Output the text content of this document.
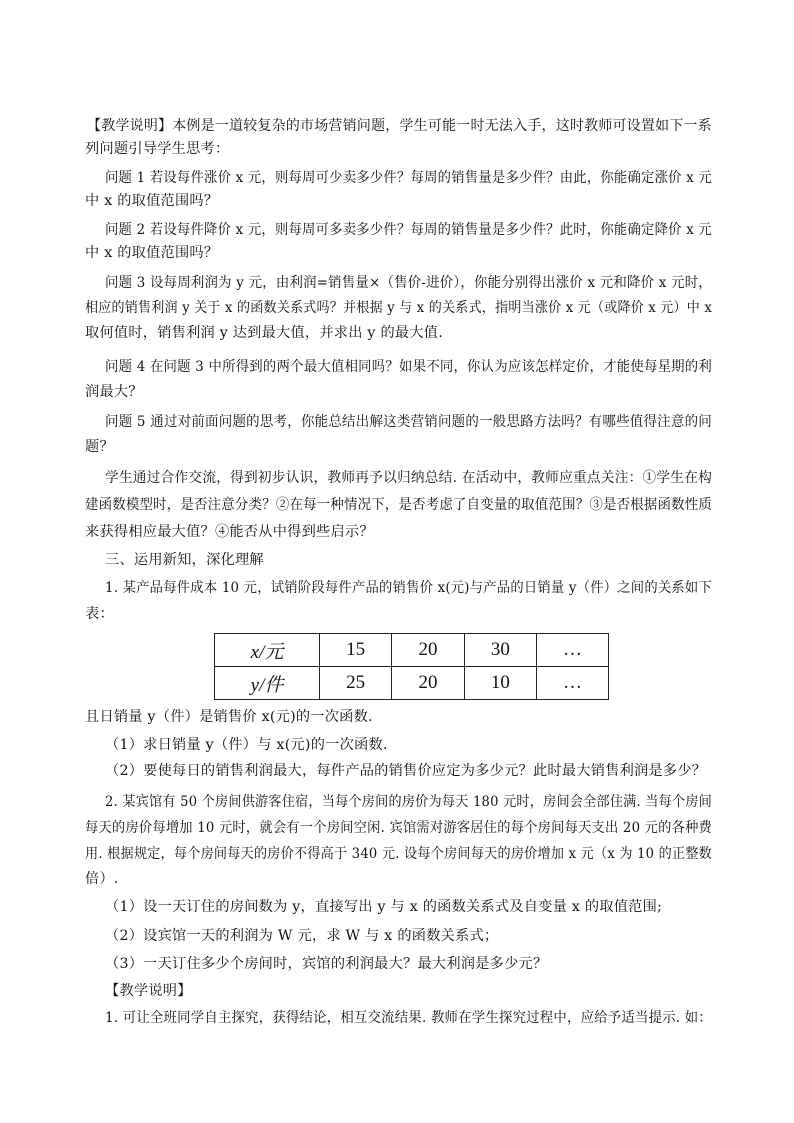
【教学说明】本例是一道较复杂的市场营销问题，学生可能一时无法入手，这时教师可设置如下一系
列问题引导学生思考：
问题 1 若设每件涨价 x 元，则每周可少卖多少件？每周的销售量是多少件？由此，你能确定涨价 x 元
中 x 的取值范围吗？
问题 2 若设每件降价 x 元，则每周可多卖多少件？每周的销售量是多少件？此时，你能确定降价 x 元
中 x 的取值范围吗？
问题 3 设每周利润为 y 元，由利润=销售量×（售价-进价），你能分别得出涨价 x 元和降价 x 元时，
相应的销售利润 y 关于 x 的函数关系式吗？并根据 y 与 x 的关系式，指明当涨价 x 元（或降价 x 元）中 x
取何值时，销售利润 y 达到最大值，并求出 y 的最大值.
问题 4 在问题 3 中所得到的两个最大值相同吗？如果不同，你认为应该怎样定价，才能使每星期的利
润最大？
问题 5 通过对前面问题的思考，你能总结出解这类营销问题的一般思路方法吗？有哪些值得注意的问
题？
学生通过合作交流，得到初步认识，教师再予以归纳总结. 在活动中，教师应重点关注：①学生在构
建函数模型时，是否注意分类？②在每一种情况下，是否考虑了自变量的取值范围？③是否根据函数性质
来获得相应最大值？④能否从中得到些启示？
三、运用新知，深化理解
1. 某产品每件成本 10 元，试销阶段每件产品的销售价 x(元)与产品的日销量 y（件）之间的关系如下
表：
x/元	15	20	30	…
y/件	25	20	10	…
且日销量 y（件）是销售价 x(元)的一次函数.
（1）求日销量 y（件）与 x(元)的一次函数.
（2）要使每日的销售利润最大，每件产品的销售价应定为多少元？此时最大销售利润是多少？
2. 某宾馆有 50 个房间供游客住宿，当每个房间的房价为每天 180 元时，房间会全部住满. 当每个房间
每天的房价每增加 10 元时，就会有一个房间空闲. 宾馆需对游客居住的每个房间每天支出 20 元的各种费
用. 根据规定，每个房间每天的房价不得高于 340 元. 设每个房间每天的房价增加 x 元（x 为 10 的正整数
倍）.
（1）设一天订住的房间数为 y，直接写出 y 与 x 的函数关系式及自变量 x 的取值范围;
（2）设宾馆一天的利润为 W 元，求 W 与 x 的函数关系式；
（3）一天订住多少个房间时，宾馆的利润最大？最大利润是多少元？
【教学说明】
1. 可让全班同学自主探究，获得结论，相互交流结果. 教师在学生探究过程中，应给予适当提示. 如：
